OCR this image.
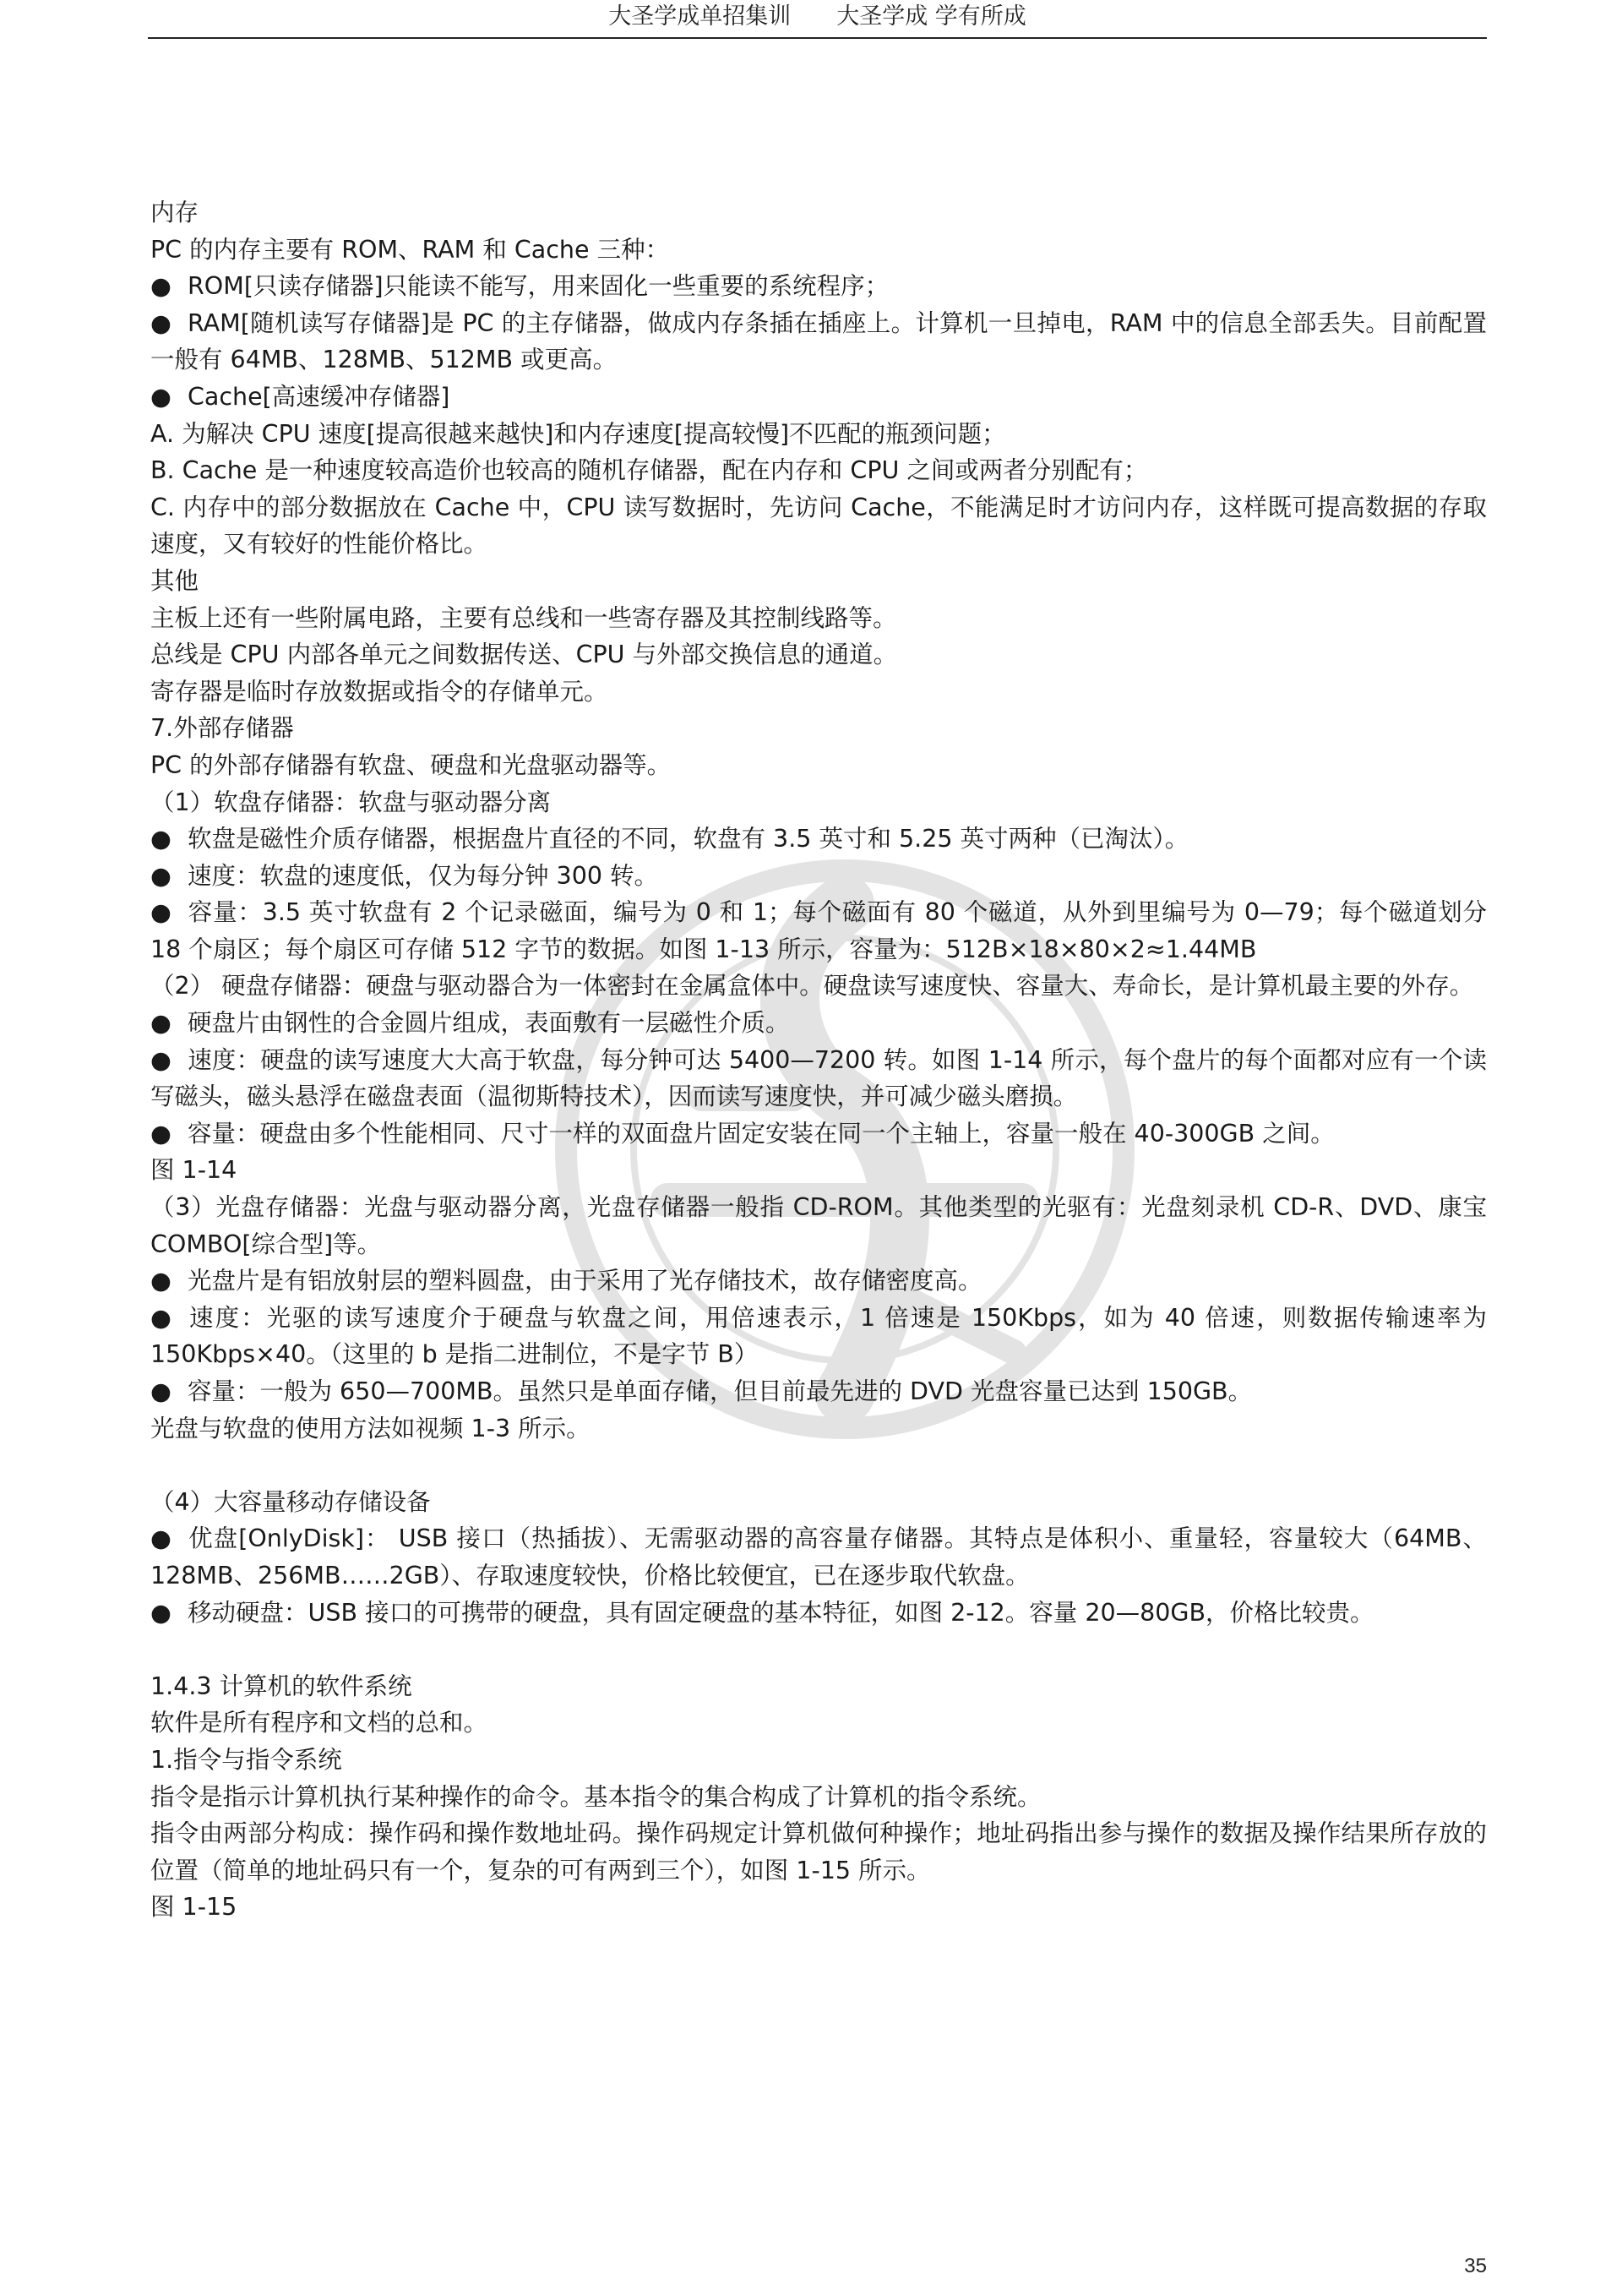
大圣学成单招集训　　大圣学成 学有所成

内存

PC 的内存主要有 ROM、RAM 和 Cache 三种：

● ROM[只读存储器]只能读不能写，用来固化一些重要的系统程序；

● RAM[随机读写存储器]是 PC 的主存储器，做成内存条插在插座上。计算机一旦掉电，RAM 中的信息全部丢失。目前配置一般有 64MB、128MB、512MB 或更高。

● Cache[高速缓冲存储器]

A. 为解决 CPU 速度[提高很越来越快]和内存速度[提高较慢]不匹配的瓶颈问题；

B. Cache 是一种速度较高造价也较高的随机存储器，配在内存和 CPU 之间或两者分别配有；

C. 内存中的部分数据放在 Cache 中，CPU 读写数据时，先访问 Cache，不能满足时才访问内存，这样既可提高数据的存取速度，又有较好的性能价格比。

其他

主板上还有一些附属电路，主要有总线和一些寄存器及其控制线路等。

总线是 CPU 内部各单元之间数据传送、CPU 与外部交换信息的通道。

寄存器是临时存放数据或指令的存储单元。

7.外部存储器

PC 的外部存储器有软盘、硬盘和光盘驱动器等。

（1）软盘存储器：软盘与驱动器分离

● 软盘是磁性介质存储器，根据盘片直径的不同，软盘有 3.5 英寸和 5.25 英寸两种（已淘汰）。

● 速度：软盘的速度低，仅为每分钟 300 转。

● 容量：3.5 英寸软盘有 2 个记录磁面，编号为 0 和 1；每个磁面有 80 个磁道，从外到里编号为 0—79；每个磁道划分 18 个扇区；每个扇区可存储 512 字节的数据。如图 1-13 所示，容量为：512B×18×80×2≈1.44MB

（2） 硬盘存储器：硬盘与驱动器合为一体密封在金属盒体中。硬盘读写速度快、容量大、寿命长，是计算机最主要的外存。

● 硬盘片由钢性的合金圆片组成，表面敷有一层磁性介质。

● 速度：硬盘的读写速度大大高于软盘，每分钟可达 5400—7200 转。如图 1-14 所示，每个盘片的每个面都对应有一个读写磁头，磁头悬浮在磁盘表面（温彻斯特技术），因而读写速度快，并可减少磁头磨损。

● 容量：硬盘由多个性能相同、尺寸一样的双面盘片固定安装在同一个主轴上，容量一般在 40-300GB 之间。

图 1-14

（3）光盘存储器：光盘与驱动器分离，光盘存储器一般指 CD-ROM。其他类型的光驱有：光盘刻录机 CD-R、DVD、康宝 COMBO[综合型]等。

● 光盘片是有铝放射层的塑料圆盘，由于采用了光存储技术，故存储密度高。

● 速度：光驱的读写速度介于硬盘与软盘之间，用倍速表示，1 倍速是 150Kbps，如为 40 倍速，则数据传输速率为 150Kbps×40。（这里的 b 是指二进制位，不是字节 B）

● 容量：一般为 650—700MB。虽然只是单面存储，但目前最先进的 DVD 光盘容量已达到 150GB。

光盘与软盘的使用方法如视频 1-3 所示。

（4）大容量移动存储设备

● 优盘[OnlyDisk]： USB 接口（热插拔）、无需驱动器的高容量存储器。其特点是体积小、重量轻，容量较大（64MB、128MB、256MB……2GB）、存取速度较快，价格比较便宜，已在逐步取代软盘。

● 移动硬盘：USB 接口的可携带的硬盘，具有固定硬盘的基本特征，如图 2-12。容量 20—80GB，价格比较贵。

1.4.3 计算机的软件系统

软件是所有程序和文档的总和。

1.指令与指令系统

指令是指示计算机执行某种操作的命令。基本指令的集合构成了计算机的指令系统。

指令由两部分构成：操作码和操作数地址码。操作码规定计算机做何种操作；地址码指出参与操作的数据及操作结果所存放的位置（简单的地址码只有一个，复杂的可有两到三个），如图 1-15 所示。

图 1-15

35
